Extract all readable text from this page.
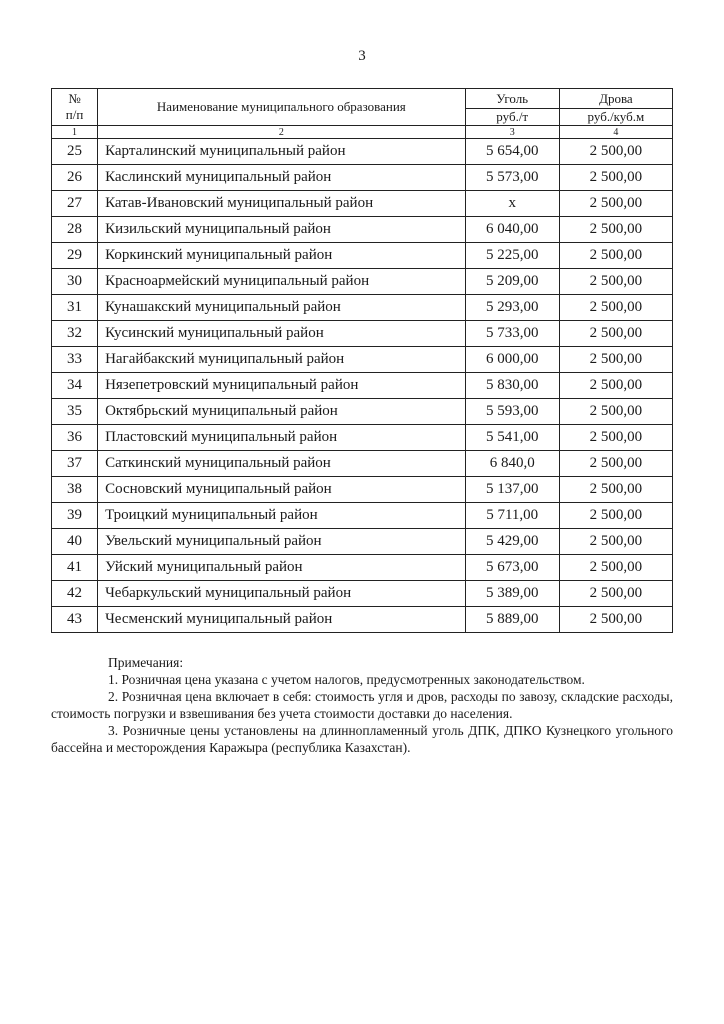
3
№
п/п	Наименование муниципального образования	Уголь	Дрова
		руб./т	руб./куб.м
1	2	3	4
25	Карталинский муниципальный район	5 654,00	2 500,00
26	Каслинский муниципальный район	5 573,00	2 500,00
27	Катав-Ивановский муниципальный район	х	2 500,00
28	Кизильский муниципальный район	6 040,00	2 500,00
29	Коркинский муниципальный район	5 225,00	2 500,00
30	Красноармейский муниципальный район	5 209,00	2 500,00
31	Кунашакский муниципальный район	5 293,00	2 500,00
32	Кусинский муниципальный район	5 733,00	2 500,00
33	Нагайбакский муниципальный район	6 000,00	2 500,00
34	Нязепетровский муниципальный район	5 830,00	2 500,00
35	Октябрьский муниципальный район	5 593,00	2 500,00
36	Пластовский муниципальный район	5 541,00	2 500,00
37	Саткинский муниципальный район	6 840,0	2 500,00
38	Сосновский муниципальный район	5 137,00	2 500,00
39	Троицкий муниципальный район	5 711,00	2 500,00
40	Увельский муниципальный район	5 429,00	2 500,00
41	Уйский муниципальный район	5 673,00	2 500,00
42	Чебаркульский муниципальный район	5 389,00	2 500,00
43	Чесменский муниципальный район	5 889,00	2 500,00
Примечания:
1. Розничная цена указана с учетом налогов, предусмотренных законодательством.
2. Розничная цена включает в себя: стоимость угля и дров, расходы по завозу, складские расходы, стоимость погрузки и взвешивания без учета стоимости доставки до населения.
3. Розничные цены установлены на длиннопламенный уголь ДПК, ДПКО Кузнецкого угольного бассейна и месторождения Каражыра (республика Казахстан).
